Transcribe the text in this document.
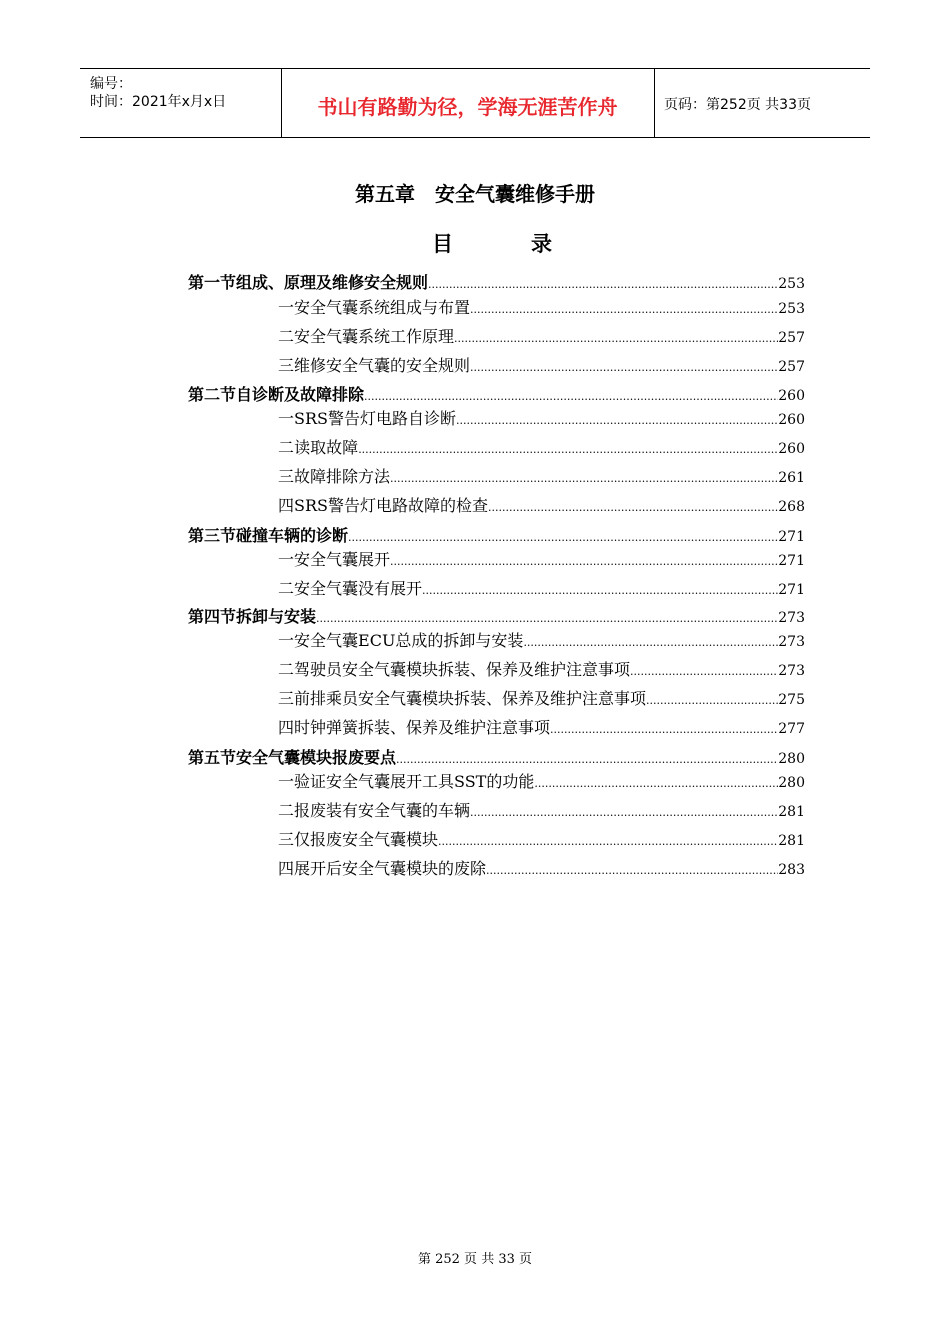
编号：
时间：2021年x月x日	书山有路勤为径，学海无涯苦作舟	页码：第252页 共33页
第五章　安全气囊维修手册
目	录
第一节 组成、原理及维修安全规则 .....	253
一 安全气囊系统组成与布置 .....	253
二 安全气囊系统工作原理 .....	257
三 维修安全气囊的安全规则 .....	257
第二节 自诊断及故障排除 .....	260
一 SRS警告灯电路自诊断 .....	260
二 读取故障 .....	260
三 故障排除方法 .....	261
四 SRS警告灯电路故障的检查 .....	268
第三节 碰撞车辆的诊断 .....	271
一 安全气囊展开 .....	271
二 安全气囊没有展开 .....	271
第四节 拆卸与安装 .....	273
一 安全气囊ECU总成的拆卸与安装 .....	273
二 驾驶员安全气囊模块拆装、保养及维护注意事项 .....	273
三 前排乘员安全气囊模块拆装、保养及维护注意事项 .....	275
四 时钟弹簧拆装、保养及维护注意事项 .....	277
第五节 安全气囊模块报废要点 .....	280
一 验证安全气囊展开工具SST的功能 .....	280
二 报废装有安全气囊的车辆 .....	281
三 仅报废安全气囊模块 .....	281
四 展开后安全气囊模块的废除 .....	283
第 252 页 共 33 页
